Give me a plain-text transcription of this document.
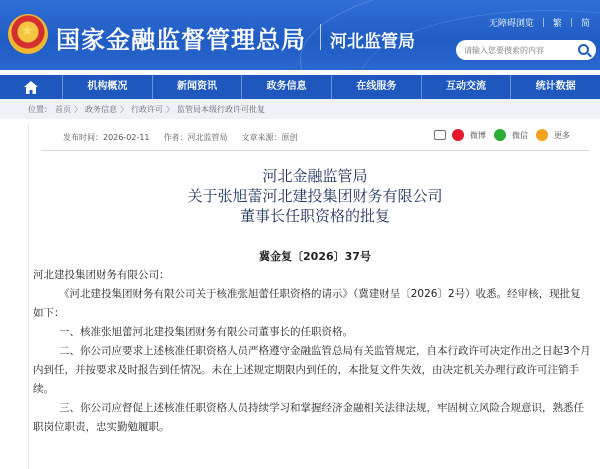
★
国家金融监督管理总局 河北监管局
无障碍浏览 | 繁 | 简
请输入您要搜索的内容
机构概况	新闻资讯	政务信息	在线服务	互动交流	统计数据
位置： 首页 〉 政务信息 〉 行政许可 〉 监管局本级行政许可批复
发布时间：2026-02-11 作者：河北监管局 文章来源：原创	微博	微信	更多
河北金融监管局
关于张旭蕾河北建投集团财务有限公司
董事长任职资格的批复
冀金复〔2026〕37号

河北建投集团财务有限公司：

《河北建投集团财务有限公司关于核准张旭蕾任职资格的请示》（冀建财呈〔2026〕2号）收悉。经审核，现批复如下：

一、核准张旭蕾河北建投集团财务有限公司董事长的任职资格。

二、你公司应要求上述核准任职资格人员严格遵守金融监管总局有关监管规定，自本行政许可决定作出之日起3个月内到任，并按要求及时报告到任情况。未在上述规定期限内到任的，本批复文件失效，由决定机关办理行政许可注销手续。

三、你公司应督促上述核准任职资格人员持续学习和掌握经济金融相关法律法规，牢固树立风险合规意识，熟悉任职岗位职责，忠实勤勉履职。
